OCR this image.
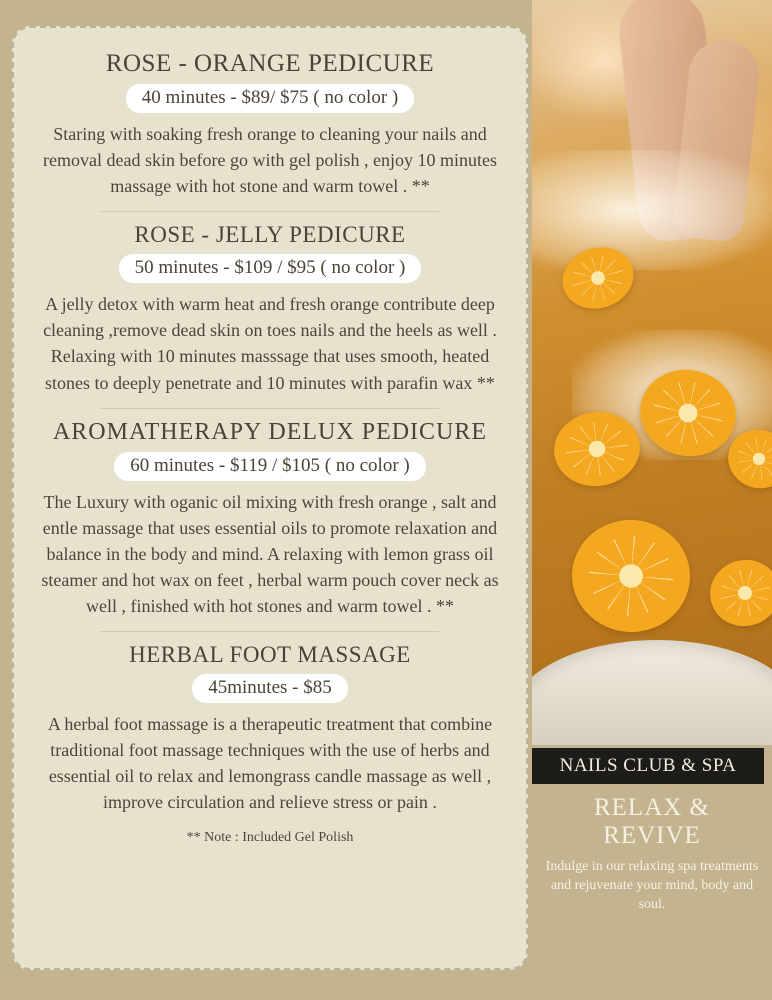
ROSE - ORANGE PEDICURE
40 minutes - $89/ $75 ( no color )

Staring with soaking fresh orange to cleaning your nails and removal dead skin before go with gel polish , enjoy 10 minutes massage with hot stone and warm towel . **

ROSE - JELLY PEDICURE
50 minutes - $109 / $95 ( no color )

A jelly detox with warm heat and fresh orange contribute deep cleaning ,remove dead skin on toes nails and the heels as well . Relaxing with 10 minutes masssage that uses smooth, heated stones to deeply penetrate and 10 minutes with parafin wax **

AROMATHERAPY DELUX PEDICURE
60 minutes - $119 / $105 ( no color )

The Luxury with oganic oil mixing with fresh orange , salt and entle massage that uses essential oils to promote relaxation and balance in the body and mind. A relaxing with lemon grass oil steamer and hot wax on feet , herbal warm pouch cover neck as well , finished with hot stones and warm towel . **

HERBAL FOOT MASSAGE
45minutes - $85

A herbal foot massage is a therapeutic treatment that combine traditional foot massage techniques with the use of herbs and essential oil to relax and lemongrass candle massage as well , improve circulation and relieve stress or pain .

** Note : Included Gel Polish
NAILS CLUB & SPA
RELAX &
REVIVE
Indulge in our relaxing spa treatments and rejuvenate your mind, body and soul.
